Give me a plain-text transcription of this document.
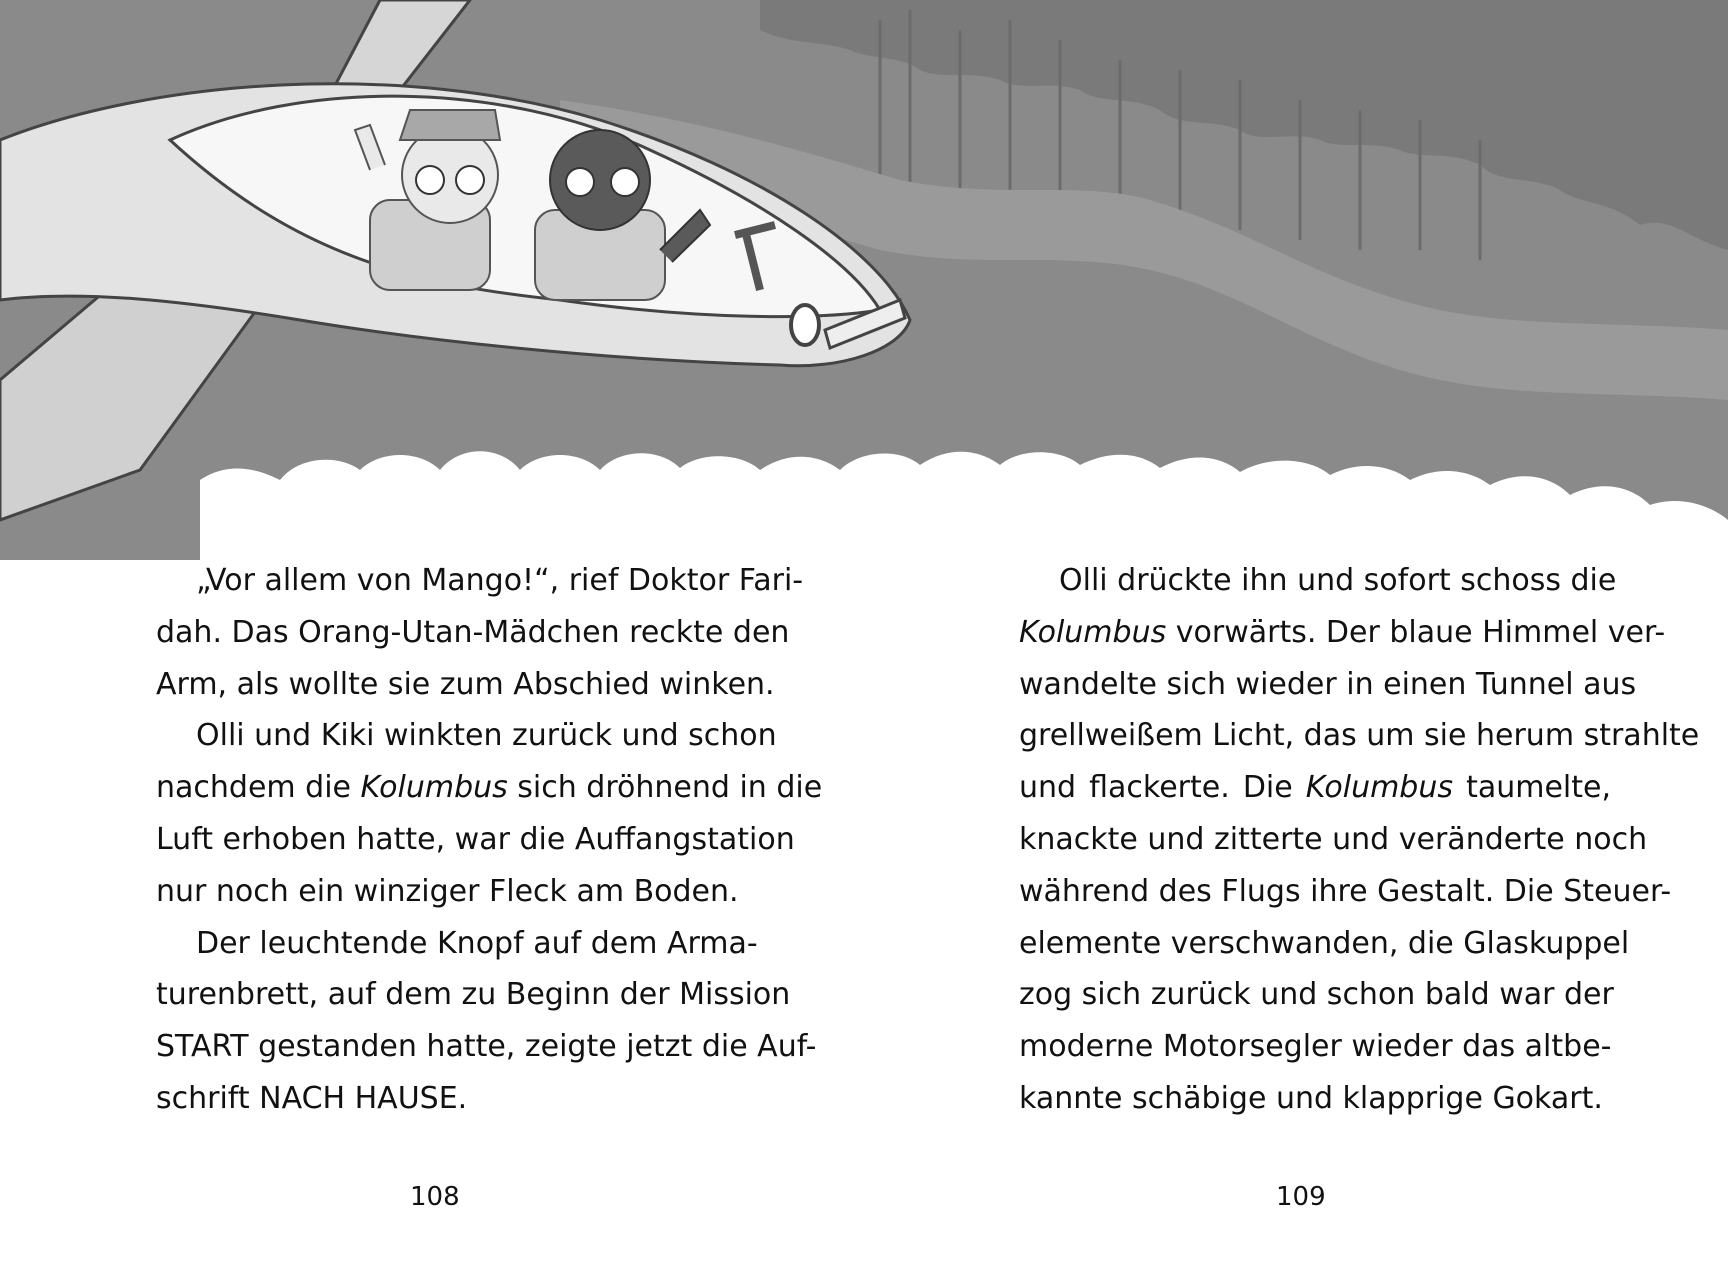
„Vor allem von Mango!“, rief Doktor Fari-
dah. Das Orang-Utan-Mädchen reckte den
Arm, als wollte sie zum Abschied winken.

Olli und Kiki winkten zurück und schon
nachdem die Kolumbus sich dröhnend in die
Luft erhoben hatte, war die Auffangstation
nur noch ein winziger Fleck am Boden.

Der leuchtende Knopf auf dem Arma-
turenbrett, auf dem zu Beginn der Mission
START gestanden hatte, zeigte jetzt die Auf-
schrift NACH HAUSE.

Olli drückte ihn und sofort schoss die
Kolumbus vorwärts. Der blaue Himmel ver-
wandelte sich wieder in einen Tunnel aus
grellweißem Licht, das um sie herum strahlte
und flackerte. Die Kolumbus taumelte,
knackte und zitterte und veränderte noch
während des Flugs ihre Gestalt. Die Steuer-
elemente verschwanden, die Glaskuppel
zog sich zurück und schon bald war der
moderne Motorsegler wieder das altbe-
kannte schäbige und klapprige Gokart.

108	109
